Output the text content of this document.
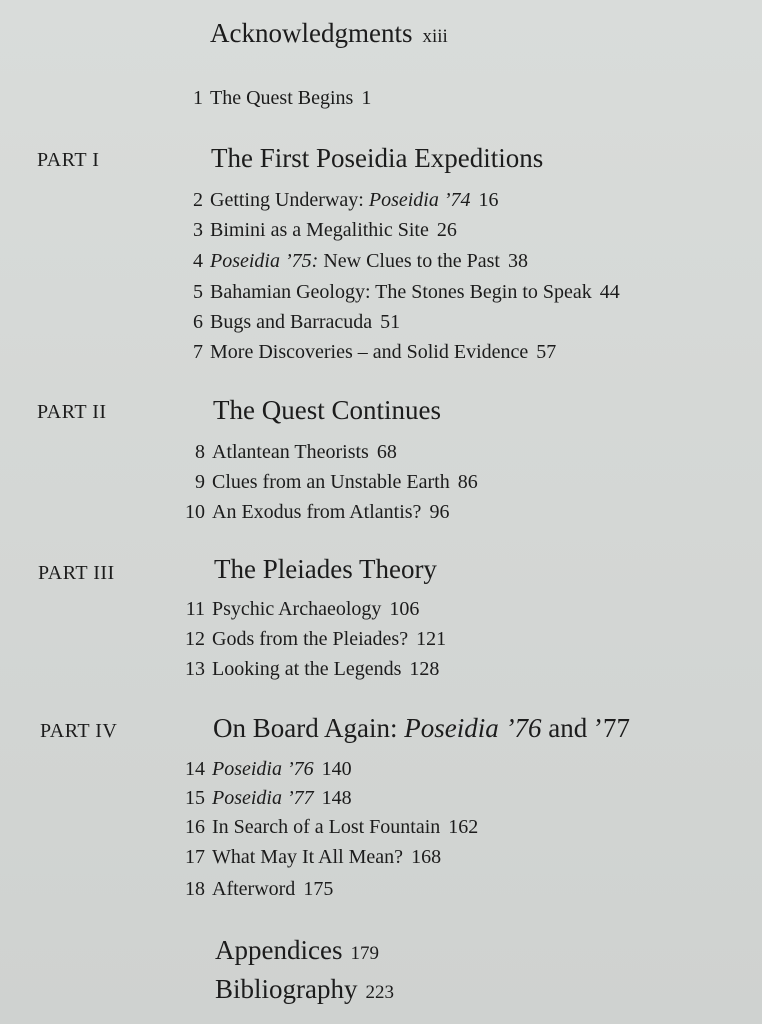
Acknowledgments xiii
1 The Quest Begins 1
PART I	The First Poseidia Expeditions
2 Getting Underway: Poseidia ’74 16
3 Bimini as a Megalithic Site 26
4 Poseidia ’75: New Clues to the Past 38
5 Bahamian Geology: The Stones Begin to Speak 44
6 Bugs and Barracuda 51
7 More Discoveries – and Solid Evidence 57
PART II	The Quest Continues
8 Atlantean Theorists 68
9 Clues from an Unstable Earth 86
10 An Exodus from Atlantis? 96
PART III	The Pleiades Theory
11 Psychic Archaeology 106
12 Gods from the Pleiades? 121
13 Looking at the Legends 128
PART IV	On Board Again: Poseidia ’76 and ’77
14 Poseidia ’76 140
15 Poseidia ’77 148
16 In Search of a Lost Fountain 162
17 What May It All Mean? 168
18 Afterword 175
Appendices 179
Bibliography 223
